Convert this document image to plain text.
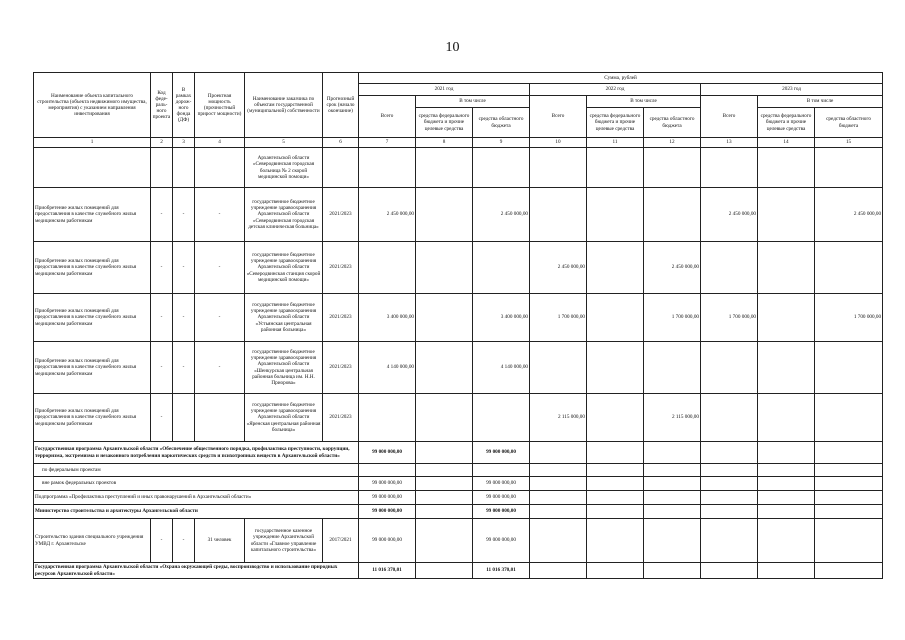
10
Наименование объекта капитального строительства (объекта недвижимого имущества, мероприятия) с указанием направления инвестирования	Код феде-раль-ного проекта	В рамках дорож-ного фонда (ДФ)	Проектная мощность (прочностный прирост мощности)	Наименование заказчика по объектам государственной (муниципальной) собственности	Прогнозный срок (начало окончание)	Сумма, рублей								
						2021 год			2022 год			2023 год		
						Всего	В том числе		Всего	В том числе		Всего	В том числе	
							средства федерального бюджета и прочие целевые средства	средства областного бюджета		средства федерального бюджета и прочие целевые средства	средства областного бюджета		средства федерального бюджета и прочие целевые средства	средства областного бюджета
1	2	3	4	5	6	7	8	9	10	11	12	13	14	15
				Архангельской области «Северодвинская городская больница № 2 скорой медицинской помощи»										
Приобретение жилых помещений для предоставления в качестве служебного жилья медицинским работникам	-	-	-	государственное бюджетное учреждение здравоохранения Архангельской области «Северодвинская городская детская клиническая больница»	2021/2023	2 450 000,00		2 450 000,00				2 450 000,00		2 450 000,00
Приобретение жилых помещений для предоставления в качестве служебного жилья медицинским работникам	-	-	-	государственное бюджетное учреждение здравоохранения Архангельской области «Северодвинская станция скорой медицинской помощи»	2021/2023				2 450 000,00		2 450 000,00			
Приобретение жилых помещений для предоставления в качестве служебного жилья медицинским работникам	-	-	-	государственное бюджетное учреждение здравоохранения Архангельской области «Устьянская центральная районная больница»	2021/2023	3 400 000,00		3 400 000,00	1 700 000,00		1 700 000,00	1 700 000,00		1 700 000,00
Приобретение жилых помещений для предоставления в качестве служебного жилья медицинским работникам	-	-	-	государственное бюджетное учреждение здравоохранения Архангельской области «Шенкурская центральная районная больница им. Н.Н. Приорова»	2021/2023	4 140 000,00		4 140 000,00						
Приобретение жилых помещений для предоставления в качестве служебного жилья медицинским работникам	-			государственное бюджетное учреждение здравоохранения Архангельской области «Яренская центральная районная больница»	2021/2023				2 115 000,00		2 115 000,00			
Государственная программа Архангельской области «Обеспечение общественного порядка, профилактика преступности, коррупции, терроризма, экстремизма и незаконного потребления наркотических средств и психотропных веществ в Архангельской области»						99 000 000,00		99 000 000,00						
по федеральным проектам														
вне рамок федеральных проектов						99 000 000,00		99 000 000,00						
Подпрограмма «Профилактика преступлений и иных правонарушений в Архангельской области»						99 000 000,00		99 000 000,00						
Министерство строительства и архитектуры Архангельской области						99 000 000,00		99 000 000,00						
Строительство здания специального учреждения УМВД г. Архангельске	-	-	31 человек	государственное казенное учреждение Архангельской области «Главное управление капитального строительства»	2017/2021	99 000 000,00		99 000 000,00						
Государственная программа Архангельской области «Охрана окружающей среды, воспроизводство и использование природных ресурсов Архангельской области»						11 016 370,01		11 016 370,01						
